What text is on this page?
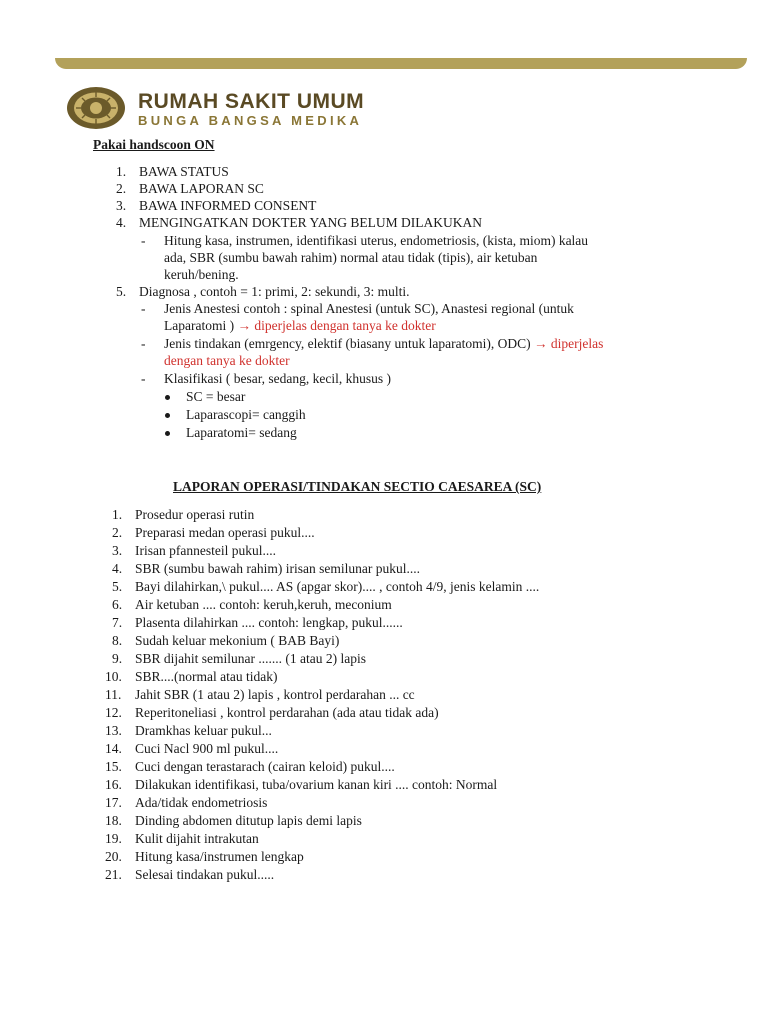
RUMAH SAKIT UMUM
BUNGA BANGSA MEDIKA
Pakai handscoon ON
1. BAWA STATUS
2. BAWA LAPORAN SC
3. BAWA INFORMED CONSENT
4. MENGINGATKAN DOKTER YANG BELUM DILAKUKAN
- Hitung kasa, instrumen, identifikasi uterus, endometriosis, (kista, miom) kalau
ada, SBR (sumbu bawah rahim) normal atau tidak (tipis), air ketuban
keruh/bening.
5. Diagnosa , contoh = 1: primi, 2: sekundi, 3: multi.
- Jenis Anestesi contoh : spinal Anestesi (untuk SC), Anastesi regional (untuk
Laparatomi ) → diperjelas dengan tanya ke dokter
- Jenis tindakan (emrgency, elektif (biasany untuk laparatomi), ODC) → diperjelas
dengan tanya ke dokter
- Klasifikasi ( besar, sedang, kecil, khusus )
SC = besar
Laparascopi= canggih
Laparatomi= sedang
LAPORAN OPERASI/TINDAKAN SECTIO CAESAREA (SC)
1. Prosedur operasi rutin
2. Preparasi medan operasi pukul....
3. Irisan pfannesteil pukul....
4. SBR (sumbu bawah rahim) irisan semilunar pukul....
5. Bayi dilahirkan,\ pukul.... AS (apgar skor).... , contoh 4/9, jenis kelamin ....
6. Air ketuban .... contoh: keruh,keruh, meconium
7. Plasenta dilahirkan .... contoh: lengkap, pukul......
8. Sudah keluar mekonium ( BAB Bayi)
9. SBR dijahit semilunar ....... (1 atau 2) lapis
10. SBR....(normal atau tidak)
11. Jahit SBR (1 atau 2) lapis , kontrol perdarahan ... cc
12. Reperitoneliasi , kontrol perdarahan (ada atau tidak ada)
13. Dramkhas keluar pukul...
14. Cuci Nacl 900 ml pukul....
15. Cuci dengan terastarach (cairan keloid) pukul....
16. Dilakukan identifikasi, tuba/ovarium kanan kiri .... contoh: Normal
17. Ada/tidak endometriosis
18. Dinding abdomen ditutup lapis demi lapis
19. Kulit dijahit intrakutan
20. Hitung kasa/instrumen lengkap
21. Selesai tindakan pukul.....
